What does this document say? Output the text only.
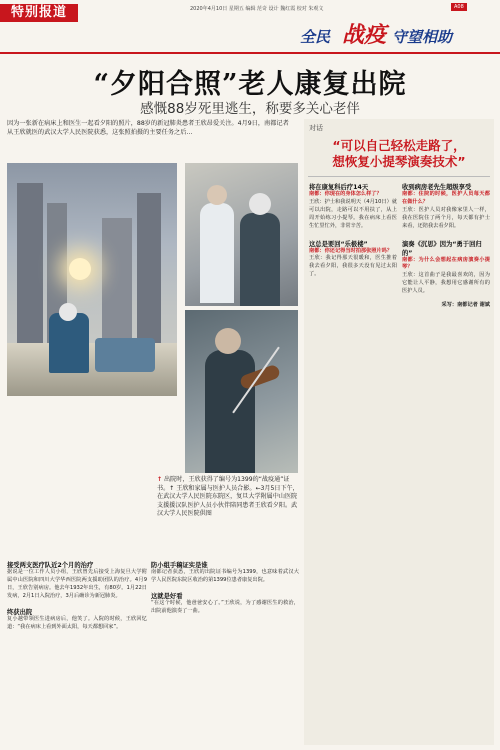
特别报道	2020年4月10日 星期五 编辑 范奇 设计 魏红霞 校对 朱观文	A08
全民 战疫 守望相助
“夕阳合照”老人康复出院
感慨88岁死里逃生，称要多关心老伴
因为一张新在病床上和医生一起看夕阳的照片，88岁的新冠肺炎患者王欣昂爱关注。4月9日，南都记者从王欣就医的武汉大学人民医院获悉，这张照拍摄的主要任务之后...
↑ 出院时，王欣获得了编号为1399的“战疫通”证书。↑ 王欣和家属与医护人员合影。←3月5日下午，在武汉大学人民医院东院区，复旦大学附属中山医院支援援汉队医护人员小伙伴陪同患者王欣看夕阳。武汉大学人民医院供图
接受两支医疗队近2个月的治疗
据说是一位工作人员小组，王欣曾先后接受上海复旦大学附属中山医院和四川大学华西医院两支援助团队的治疗。4月9日，王欣告别病房。他去年1932年出生，有80岁。1月22日发病，2月1日入院治疗，3月后确诊为新冠肺炎。
终获出院
复小越带领医生进病房后，他笑了。入院的时候，王欣回忆道：“我在病床上看到外面太阳，每天都想回家”。
防小组手稿证实是谁
南都记者获悉，王欣的出院证书编号为1399，也意味着武汉大学人民医院东院区收治的第1399位患者康复出院。
这就是好看
“在这个时候，他爸爸安心了。”王欣说，为了感谢医生的救治，出院前他演奏了一曲。
对话
“可以自己轻松走路了，
想恢复小提琴演奏技术”
将在康复科后疗14天
南都：你现在的身体怎么样了？
王欣：护士和我说明天（4月10日）就可以出院，走路可以不用扶了，从上周开始练习小提琴。我在病床上看医生忙里忙外，非常辛苦。
这总是要回“乐极楼”
南都：你还记得当时拍那张照片吗？
王欣：我记得那天很暖和，医生推着我去看夕阳，我很多天没有见过太阳了。
收到病房老先生超级享受
南都：住院的时候，医护人员每天都在做什么？
王欣：医护人员对我像家里人一样，我在医院住了两个月，每天都有护士来看，还陪我去看夕阳。
演奏《沉思》因为“勇于回归的”
南都：为什么会想起在病房演奏小提琴？
王欣：这首曲子是我最喜欢的，因为它能让人平静，我想用它感谢所有的医护人员。
采写：南都记者 谢斌
